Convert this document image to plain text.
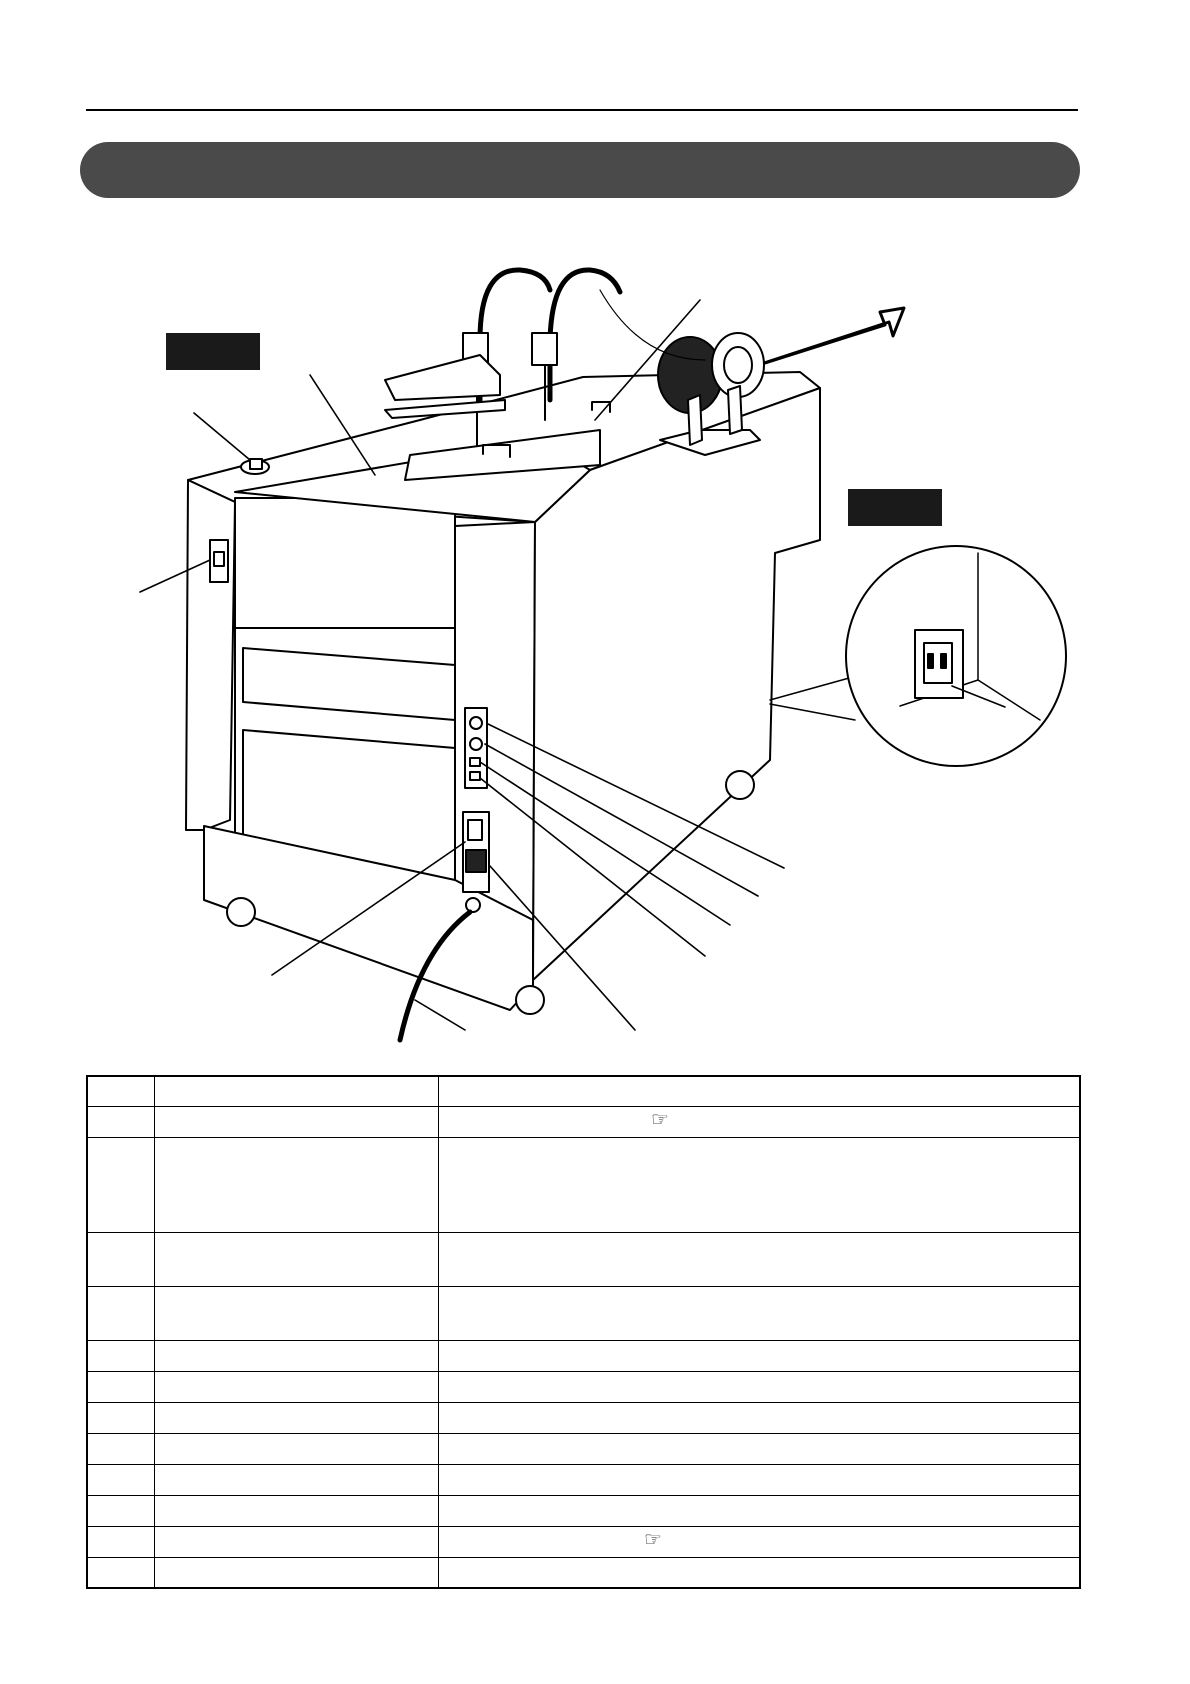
		☞

		☞
